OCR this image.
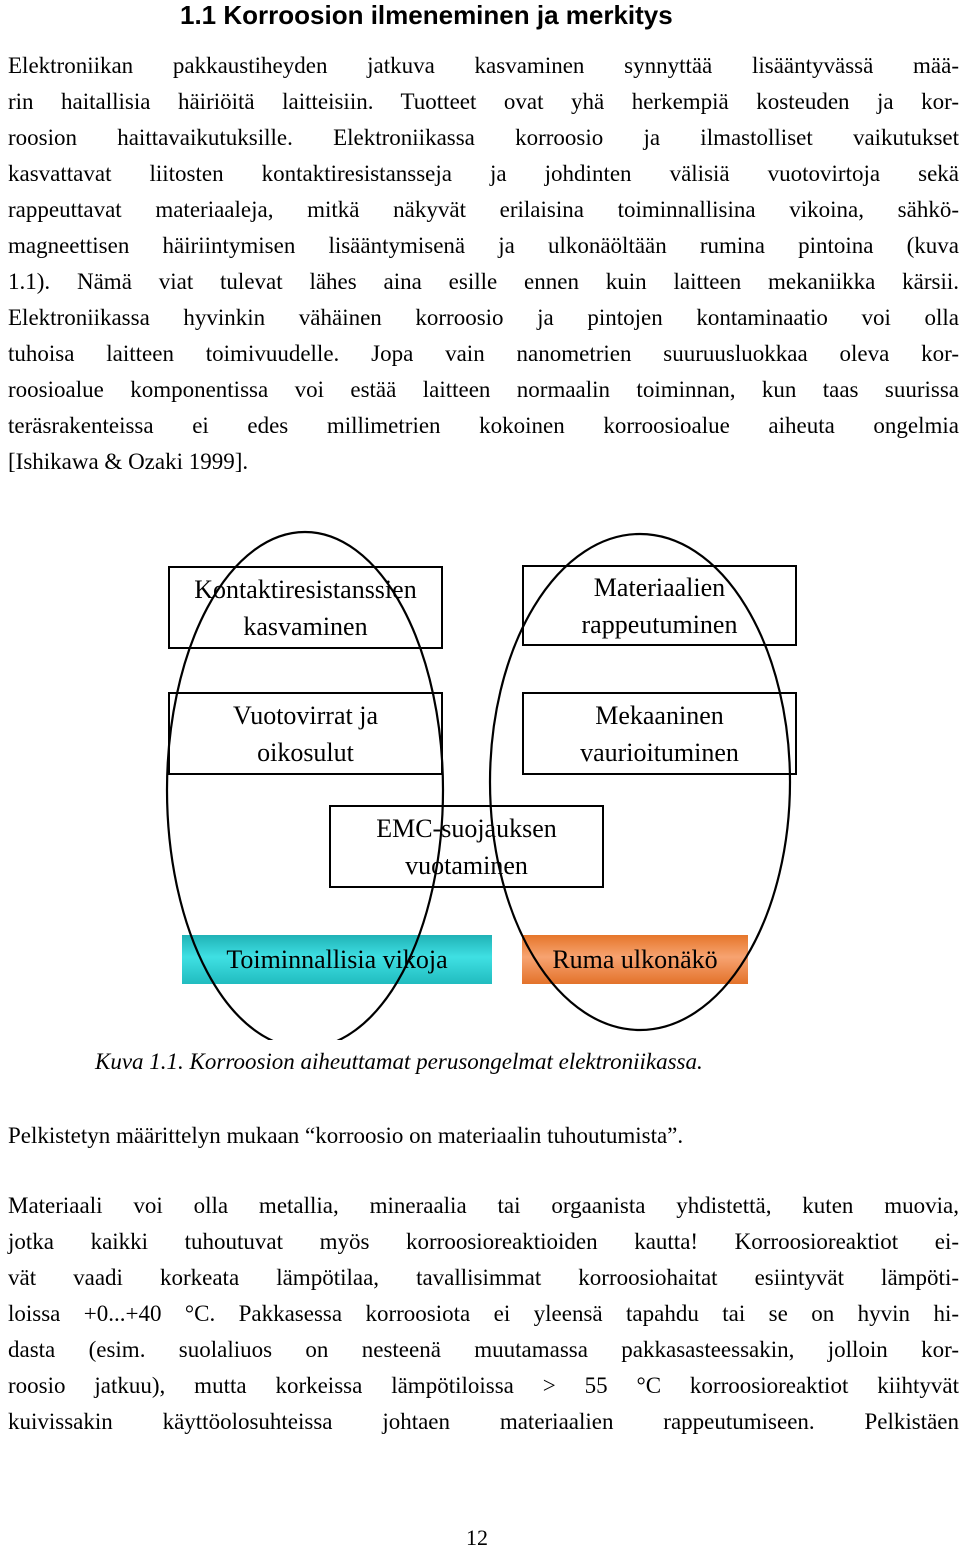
1.1 Korroosion ilmeneminen ja merkitys
Elektroniikan pakkaustiheyden jatkuva kasvaminen synnyttää lisääntyvässä mää-
rin haitallisia häiriöitä laitteisiin. Tuotteet ovat yhä herkempiä kosteuden ja kor-
roosion haittavaikutuksille. Elektroniikassa korroosio ja ilmastolliset vaikutukset
kasvattavat liitosten kontaktiresistansseja ja johdinten välisiä vuotovirtoja sekä
rappeuttavat materiaaleja, mitkä näkyvät erilaisina toiminnallisina vikoina, sähkö-
magneettisen häiriintymisen lisääntymisenä ja ulkonäöltään rumina pintoina (kuva
1.1). Nämä viat tulevat lähes aina esille ennen kuin laitteen mekaniikka kärsii.
Elektroniikassa hyvinkin vähäinen korroosio ja pintojen kontaminaatio voi olla
tuhoisa laitteen toimivuudelle. Jopa vain nanometrien suuruusluokkaa oleva kor-
roosioalue komponentissa voi estää laitteen normaalin toiminnan, kun taas suurissa
teräsrakenteissa ei edes millimetrien kokoinen korroosioalue aiheuta ongelmia
[Ishikawa & Ozaki 1999].
Kontaktiresistanssien
kasvaminen
Materiaalien
rappeutuminen
Vuotovirrat ja
oikosulut
Mekaaninen
vaurioituminen
EMC-suojauksen
vuotaminen
Toiminnallisia vikoja	Ruma ulkonäkö

Kuva 1.1. Korroosion aiheuttamat perusongelmat elektroniikassa.

Pelkistetyn määrittelyn mukaan “korroosio on materiaalin tuhoutumista”.
Materiaali voi olla metallia, mineraalia tai orgaanista yhdistettä, kuten muovia,
jotka kaikki tuhoutuvat myös korroosioreaktioiden kautta! Korroosioreaktiot ei-
vät vaadi korkeata lämpötilaa, tavallisimmat korroosiohaitat esiintyvät lämpöti-
loissa +0...+40 °C. Pakkasessa korroosiota ei yleensä tapahdu tai se on hyvin hi-
dasta (esim. suolaliuos on nesteenä muutamassa pakkasasteessakin, jolloin kor-
roosio jatkuu), mutta korkeissa lämpötiloissa > 55 °C korroosioreaktiot kiihtyvät
kuivissakin käyttöolosuhteissa johtaen materiaalien rappeutumiseen. Pelkistäen

12
